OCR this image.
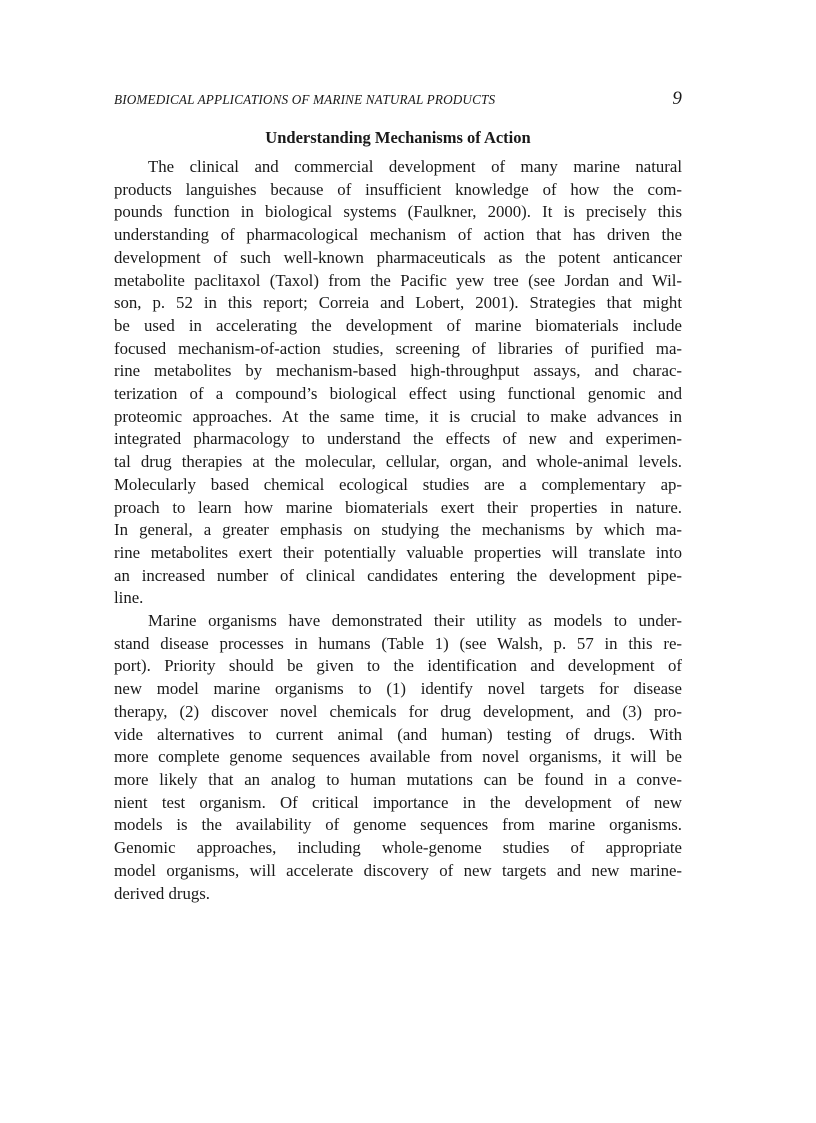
BIOMEDICAL APPLICATIONS OF MARINE NATURAL PRODUCTS	9
Understanding Mechanisms of Action

The clinical and commercial development of many marine natural
products languishes because of insufficient knowledge of how the com-
pounds function in biological systems (Faulkner, 2000). It is precisely this
understanding of pharmacological mechanism of action that has driven the
development of such well-known pharmaceuticals as the potent anticancer
metabolite paclitaxol (Taxol) from the Pacific yew tree (see Jordan and Wil-
son, p. 52 in this report; Correia and Lobert, 2001). Strategies that might
be used in accelerating the development of marine biomaterials include
focused mechanism-of-action studies, screening of libraries of purified ma-
rine metabolites by mechanism-based high-throughput assays, and charac-
terization of a compound’s biological effect using functional genomic and
proteomic approaches. At the same time, it is crucial to make advances in
integrated pharmacology to understand the effects of new and experimen-
tal drug therapies at the molecular, cellular, organ, and whole-animal levels.
Molecularly based chemical ecological studies are a complementary ap-
proach to learn how marine biomaterials exert their properties in nature.
In general, a greater emphasis on studying the mechanisms by which ma-
rine metabolites exert their potentially valuable properties will translate into
an increased number of clinical candidates entering the development pipe-
line.

Marine organisms have demonstrated their utility as models to under-
stand disease processes in humans (Table 1) (see Walsh, p. 57 in this re-
port). Priority should be given to the identification and development of
new model marine organisms to (1) identify novel targets for disease
therapy, (2) discover novel chemicals for drug development, and (3) pro-
vide alternatives to current animal (and human) testing of drugs. With
more complete genome sequences available from novel organisms, it will be
more likely that an analog to human mutations can be found in a conve-
nient test organism. Of critical importance in the development of new
models is the availability of genome sequences from marine organisms.
Genomic approaches, including whole-genome studies of appropriate
model organisms, will accelerate discovery of new targets and new marine-
derived drugs.
